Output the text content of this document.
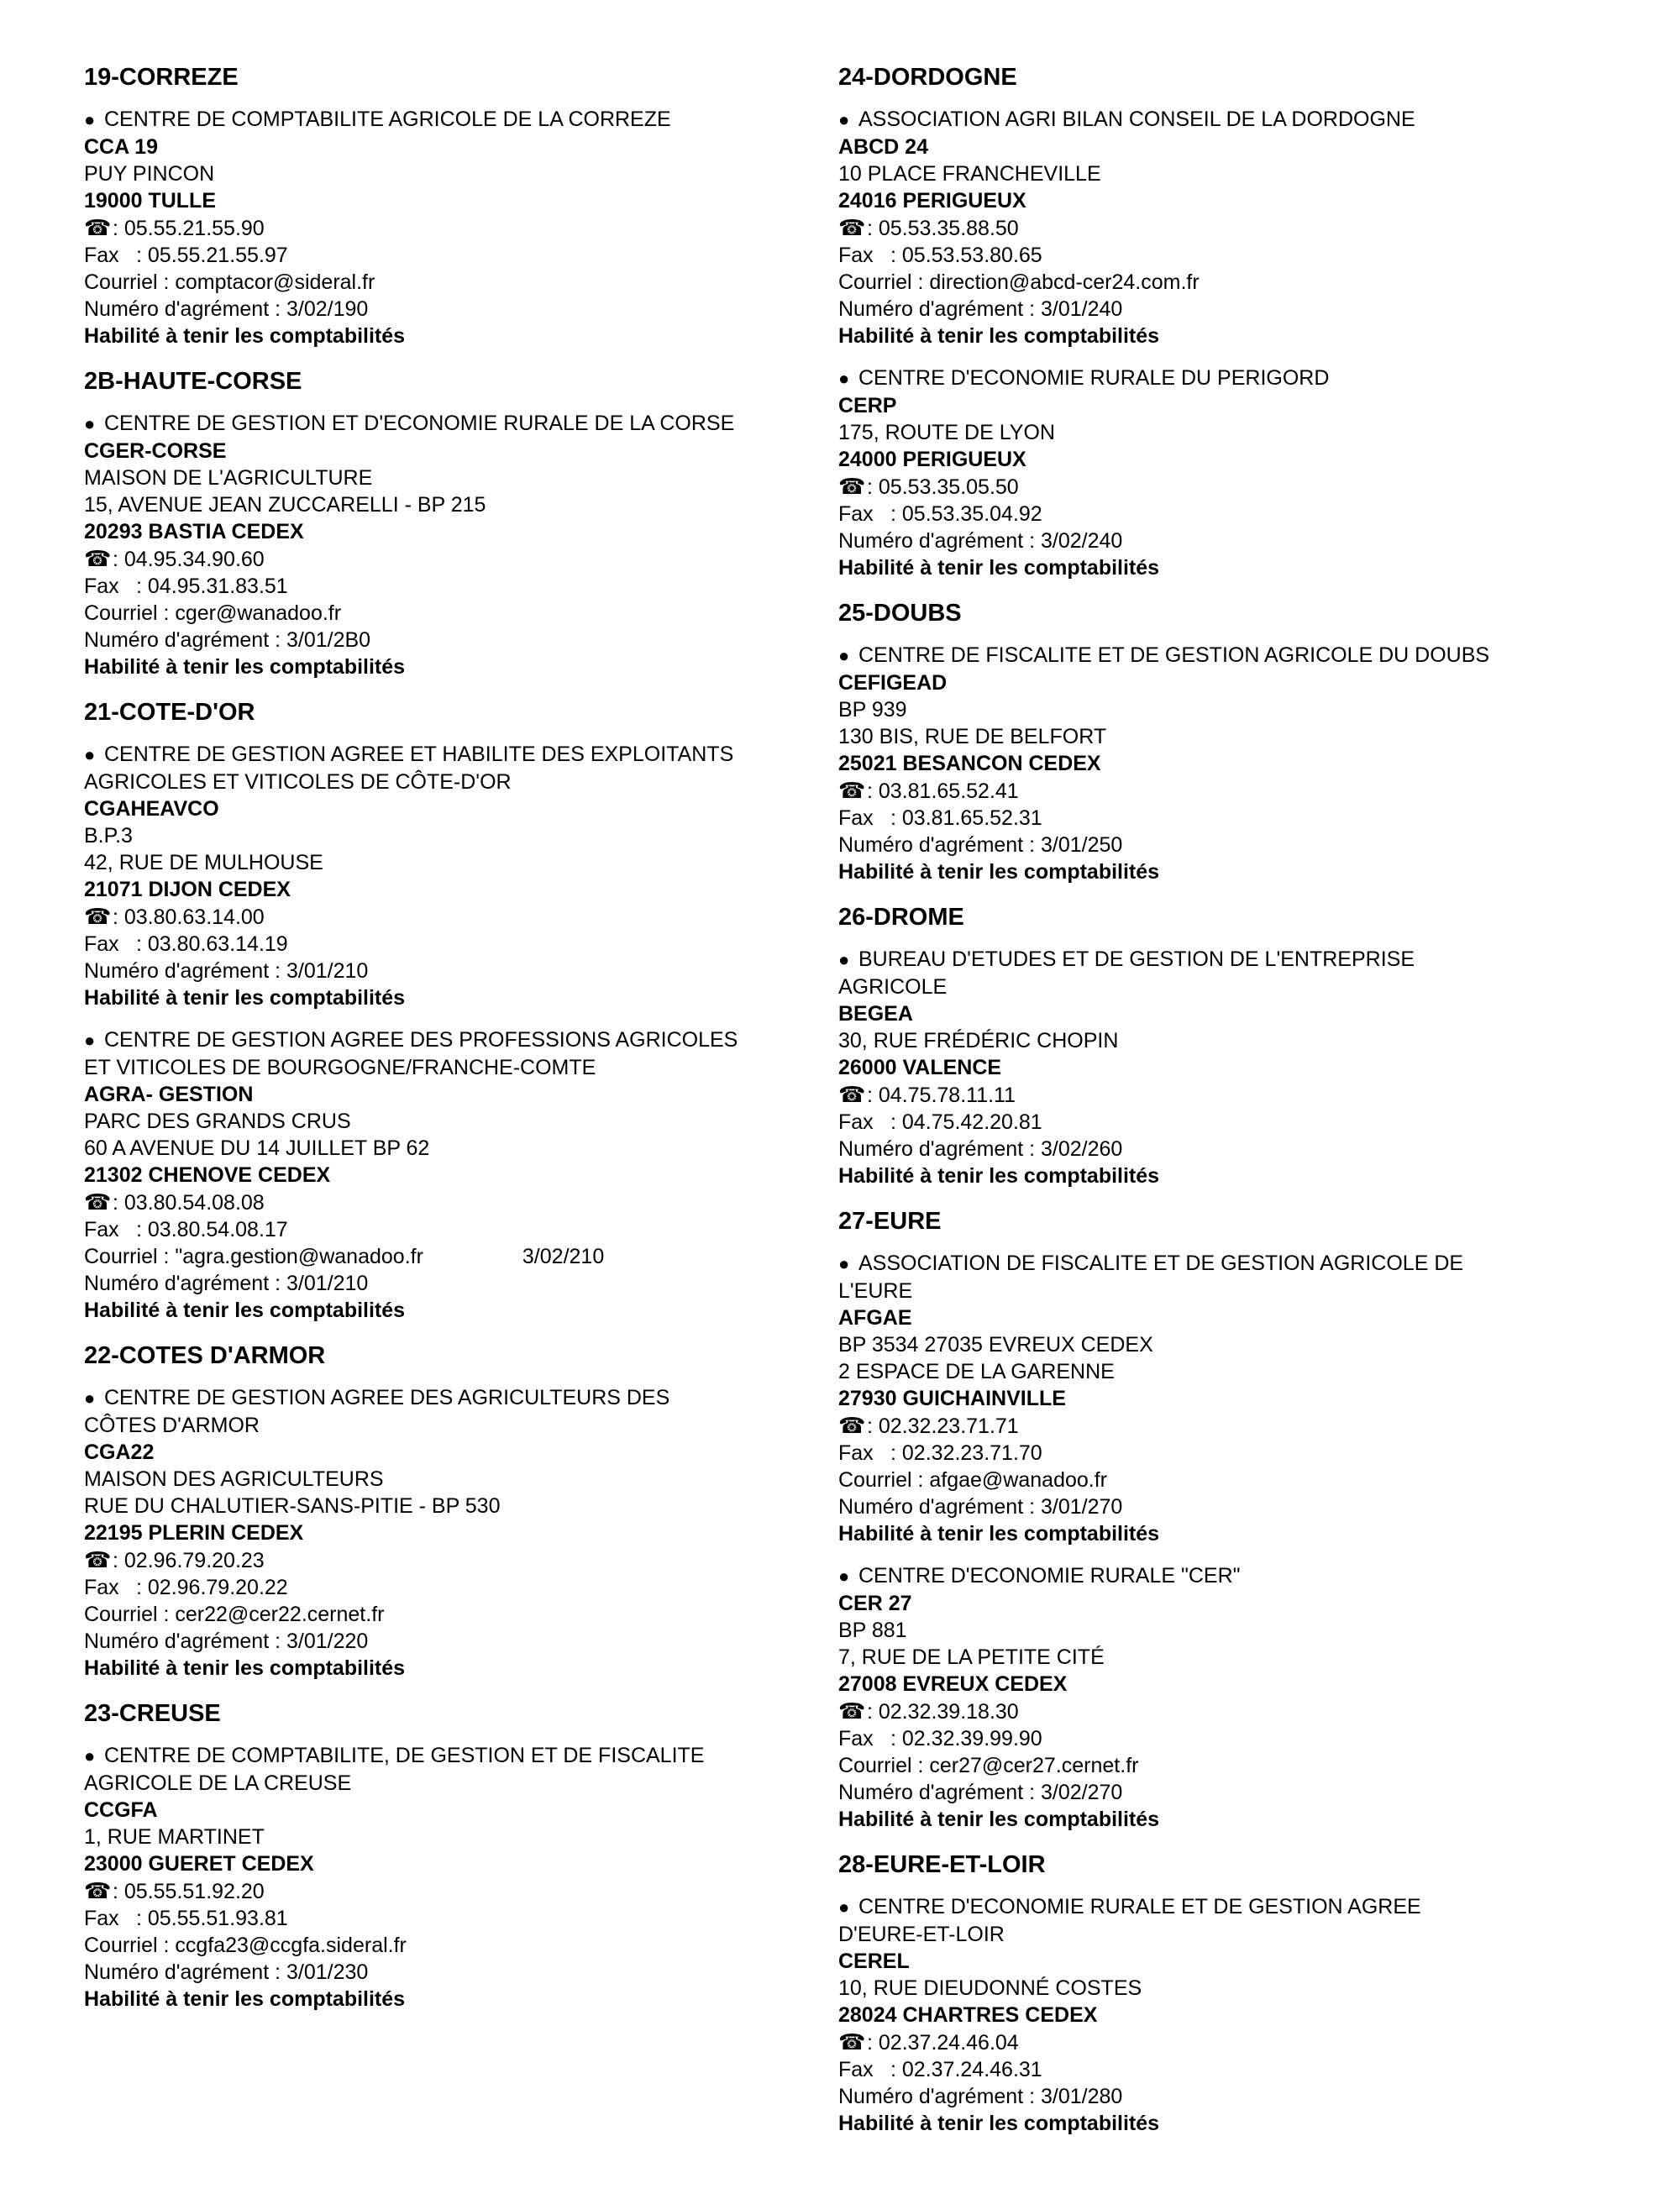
19-CORREZE
● CENTRE DE COMPTABILITE AGRICOLE DE LA CORREZE
CCA 19
PUY PINCON
19000 TULLE
☎: 05.55.21.55.90
Fax : 05.55.21.55.97
Courriel : comptacor@sideral.fr
Numéro d'agrément : 3/02/190
Habilité à tenir les comptabilités
2B-HAUTE-CORSE
● CENTRE DE GESTION ET D'ECONOMIE RURALE DE LA CORSE
CGER-CORSE
MAISON DE L'AGRICULTURE
15, AVENUE JEAN ZUCCARELLI - BP 215
20293 BASTIA CEDEX
☎: 04.95.34.90.60
Fax : 04.95.31.83.51
Courriel : cger@wanadoo.fr
Numéro d'agrément : 3/01/2B0
Habilité à tenir les comptabilités
21-COTE-D'OR
● CENTRE DE GESTION AGREE ET HABILITE DES EXPLOITANTS
AGRICOLES ET VITICOLES DE CÔTE-D'OR
CGAHEAVCO
B.P.3
42, RUE DE MULHOUSE
21071 DIJON CEDEX
☎: 03.80.63.14.00
Fax : 03.80.63.14.19
Numéro d'agrément : 3/01/210
Habilité à tenir les comptabilités
● CENTRE DE GESTION AGREE DES PROFESSIONS AGRICOLES
ET VITICOLES DE BOURGOGNE/FRANCHE-COMTE
AGRA- GESTION
PARC DES GRANDS CRUS
60 A AVENUE DU 14 JUILLET BP 62
21302 CHENOVE CEDEX
☎: 03.80.54.08.08
Fax : 03.80.54.08.17
Courriel : "agra.gestion@wanadoo.fr	3/02/210
Numéro d'agrément : 3/01/210
Habilité à tenir les comptabilités
22-COTES D'ARMOR
● CENTRE DE GESTION AGREE DES AGRICULTEURS DES
CÔTES D'ARMOR
CGA22
MAISON DES AGRICULTEURS
RUE DU CHALUTIER-SANS-PITIE - BP 530
22195 PLERIN CEDEX
☎: 02.96.79.20.23
Fax : 02.96.79.20.22
Courriel : cer22@cer22.cernet.fr
Numéro d'agrément : 3/01/220
Habilité à tenir les comptabilités
23-CREUSE
● CENTRE DE COMPTABILITE, DE GESTION ET DE FISCALITE
AGRICOLE DE LA CREUSE
CCGFA
1, RUE MARTINET
23000 GUERET CEDEX
☎: 05.55.51.92.20
Fax : 05.55.51.93.81
Courriel : ccgfa23@ccgfa.sideral.fr
Numéro d'agrément : 3/01/230
Habilité à tenir les comptabilités
24-DORDOGNE
● ASSOCIATION AGRI BILAN CONSEIL DE LA DORDOGNE
ABCD 24
10 PLACE FRANCHEVILLE
24016 PERIGUEUX
☎: 05.53.35.88.50
Fax : 05.53.53.80.65
Courriel : direction@abcd-cer24.com.fr
Numéro d'agrément : 3/01/240
Habilité à tenir les comptabilités
● CENTRE D'ECONOMIE RURALE DU PERIGORD
CERP
175, ROUTE DE LYON
24000 PERIGUEUX
☎: 05.53.35.05.50
Fax : 05.53.35.04.92
Numéro d'agrément : 3/02/240
Habilité à tenir les comptabilités
25-DOUBS
● CENTRE DE FISCALITE ET DE GESTION AGRICOLE DU DOUBS
CEFIGEAD
BP 939
130 BIS, RUE DE BELFORT
25021 BESANCON CEDEX
☎: 03.81.65.52.41
Fax : 03.81.65.52.31
Numéro d'agrément : 3/01/250
Habilité à tenir les comptabilités
26-DROME
● BUREAU D'ETUDES ET DE GESTION DE L'ENTREPRISE
AGRICOLE
BEGEA
30, RUE FRÉDÉRIC CHOPIN
26000 VALENCE
☎: 04.75.78.11.11
Fax : 04.75.42.20.81
Numéro d'agrément : 3/02/260
Habilité à tenir les comptabilités
27-EURE
● ASSOCIATION DE FISCALITE ET DE GESTION AGRICOLE DE
L'EURE
AFGAE
BP 3534 27035 EVREUX CEDEX
2 ESPACE DE LA GARENNE
27930 GUICHAINVILLE
☎: 02.32.23.71.71
Fax : 02.32.23.71.70
Courriel : afgae@wanadoo.fr
Numéro d'agrément : 3/01/270
Habilité à tenir les comptabilités
● CENTRE D'ECONOMIE RURALE "CER"
CER 27
BP 881
7, RUE DE LA PETITE CITÉ
27008 EVREUX CEDEX
☎: 02.32.39.18.30
Fax : 02.32.39.99.90
Courriel : cer27@cer27.cernet.fr
Numéro d'agrément : 3/02/270
Habilité à tenir les comptabilités
28-EURE-ET-LOIR
● CENTRE D'ECONOMIE RURALE ET DE GESTION AGREE
D'EURE-ET-LOIR
CEREL
10, RUE DIEUDONNÉ COSTES
28024 CHARTRES CEDEX
☎: 02.37.24.46.04
Fax : 02.37.24.46.31
Numéro d'agrément : 3/01/280
Habilité à tenir les comptabilités
